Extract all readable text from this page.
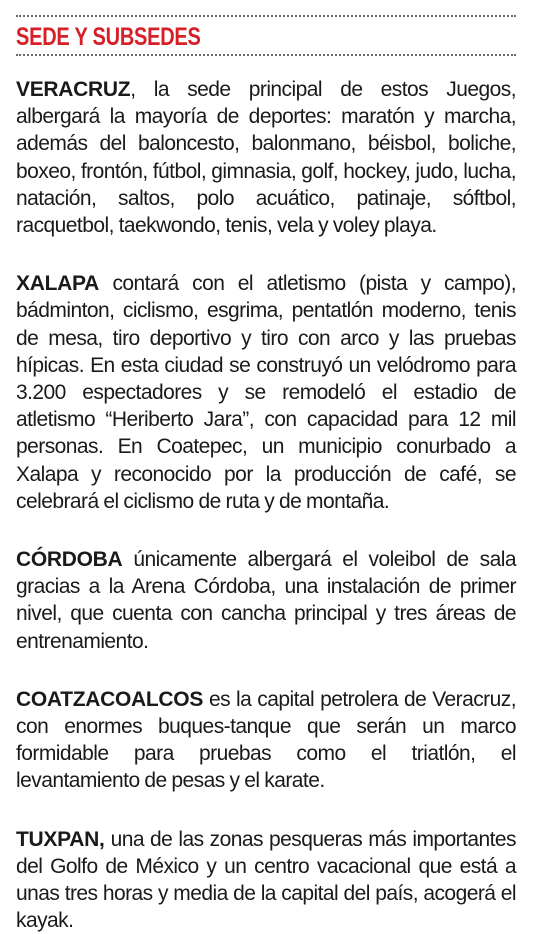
SEDE Y SUBSEDES

VERACRUZ, la sede principal de estos Juegos, albergará la mayoría de deportes: maratón y marcha, además del baloncesto, balonmano, béisbol, boliche, boxeo, frontón, fútbol, gimnasia, golf, hockey, judo, lucha, natación, saltos, polo acuático, patinaje, sóftbol, racquetbol, taekwondo, tenis, vela y voley playa.

XALAPA contará con el atletismo (pista y campo), bádminton, ciclismo, esgrima, pentatlón moderno, tenis de mesa, tiro deportivo y tiro con arco y las pruebas hípicas. En esta ciudad se construyó un velódromo para 3.200 espectadores y se remodeló el estadio de atletismo “Heriberto Jara”, con capacidad para 12 mil personas. En Coatepec, un municipio conurbado a Xalapa y reconocido por la producción de café, se celebrará el ciclismo de ruta y de montaña.

CÓRDOBA únicamente albergará el voleibol de sala gracias a la Arena Córdoba, una instalación de primer nivel, que cuenta con cancha principal y tres áreas de entrenamiento.

COATZACOALCOS es la capital petrolera de Veracruz, con enormes buques-tanque que serán un marco formidable para pruebas como el triatlón, el levantamiento de pesas y el karate.

TUXPAN, una de las zonas pesqueras más importantes del Golfo de México y un centro vacacional que está a unas tres horas y media de la capital del país, acogerá el kayak.
